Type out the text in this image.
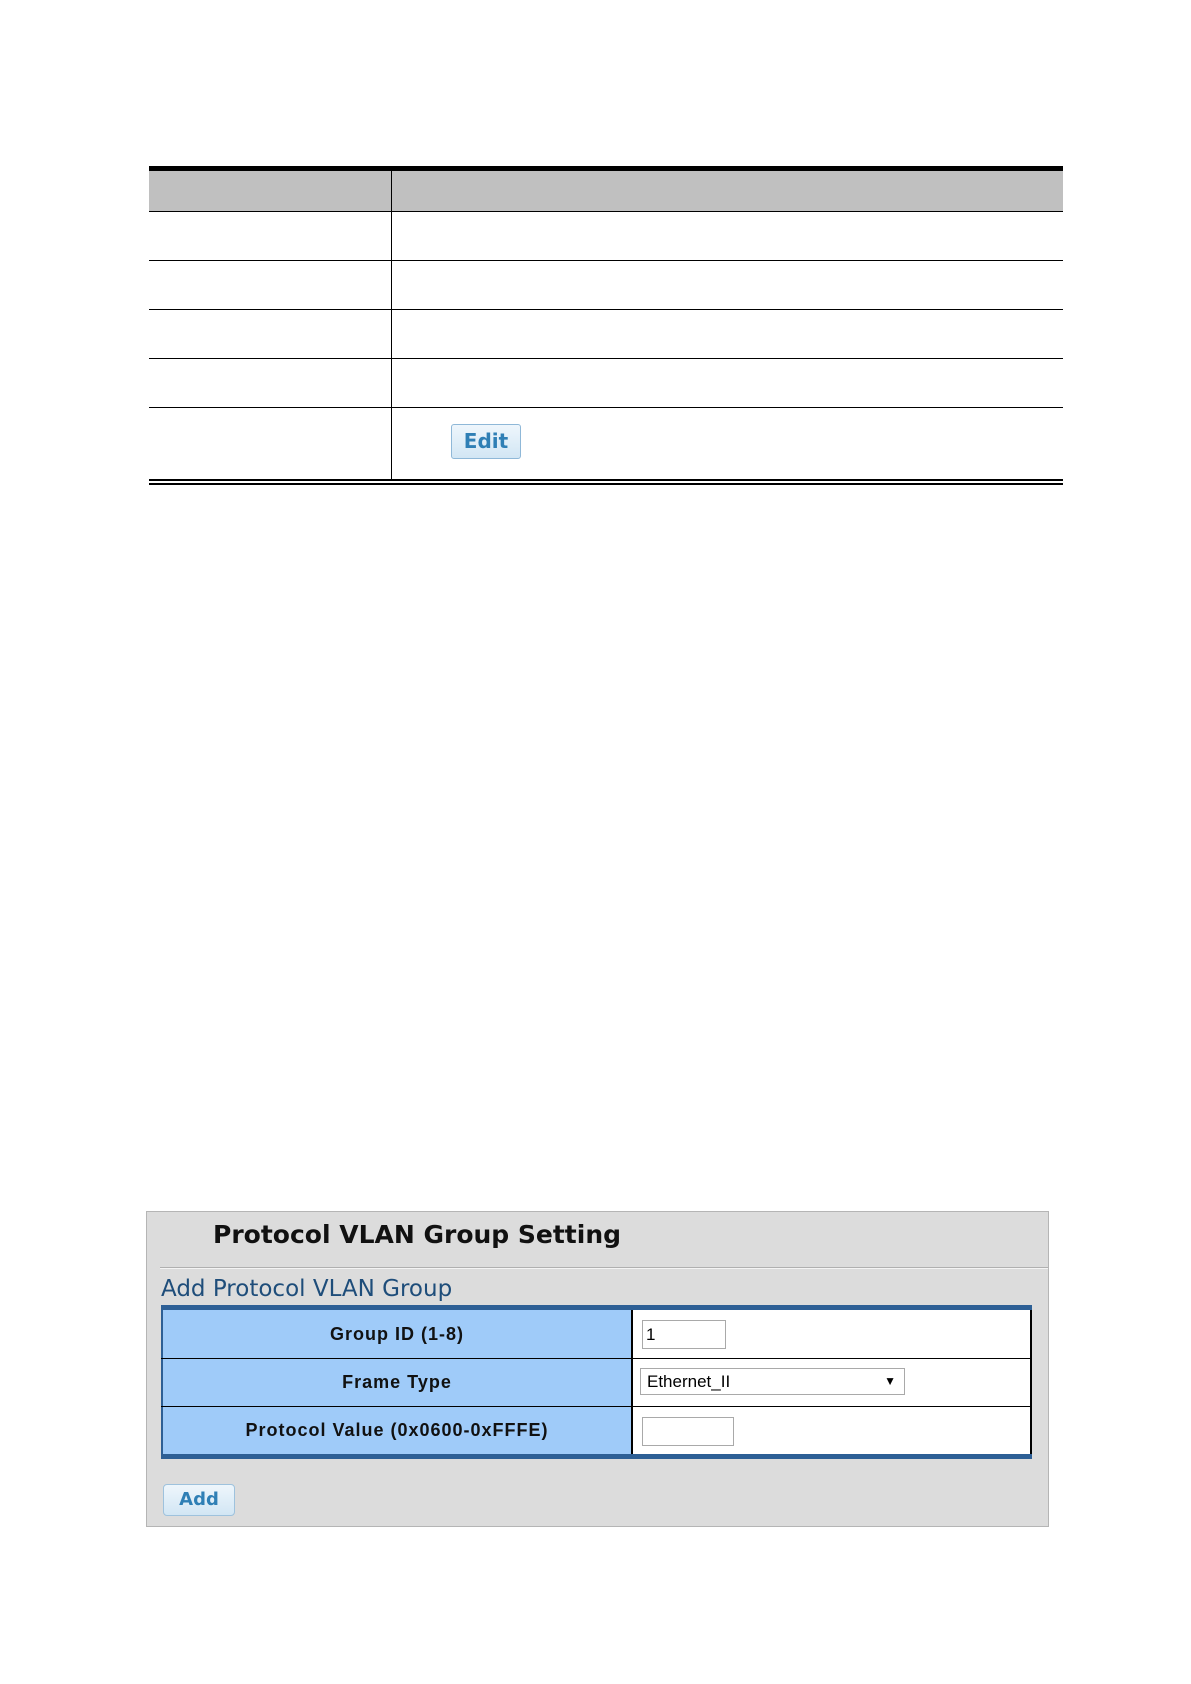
Edit
Protocol VLAN Group Setting
Add Protocol VLAN Group
Group ID (1-8)	1
Frame Type	Ethernet_II	▼
Protocol Value (0x0600-0xFFFE)
Add
